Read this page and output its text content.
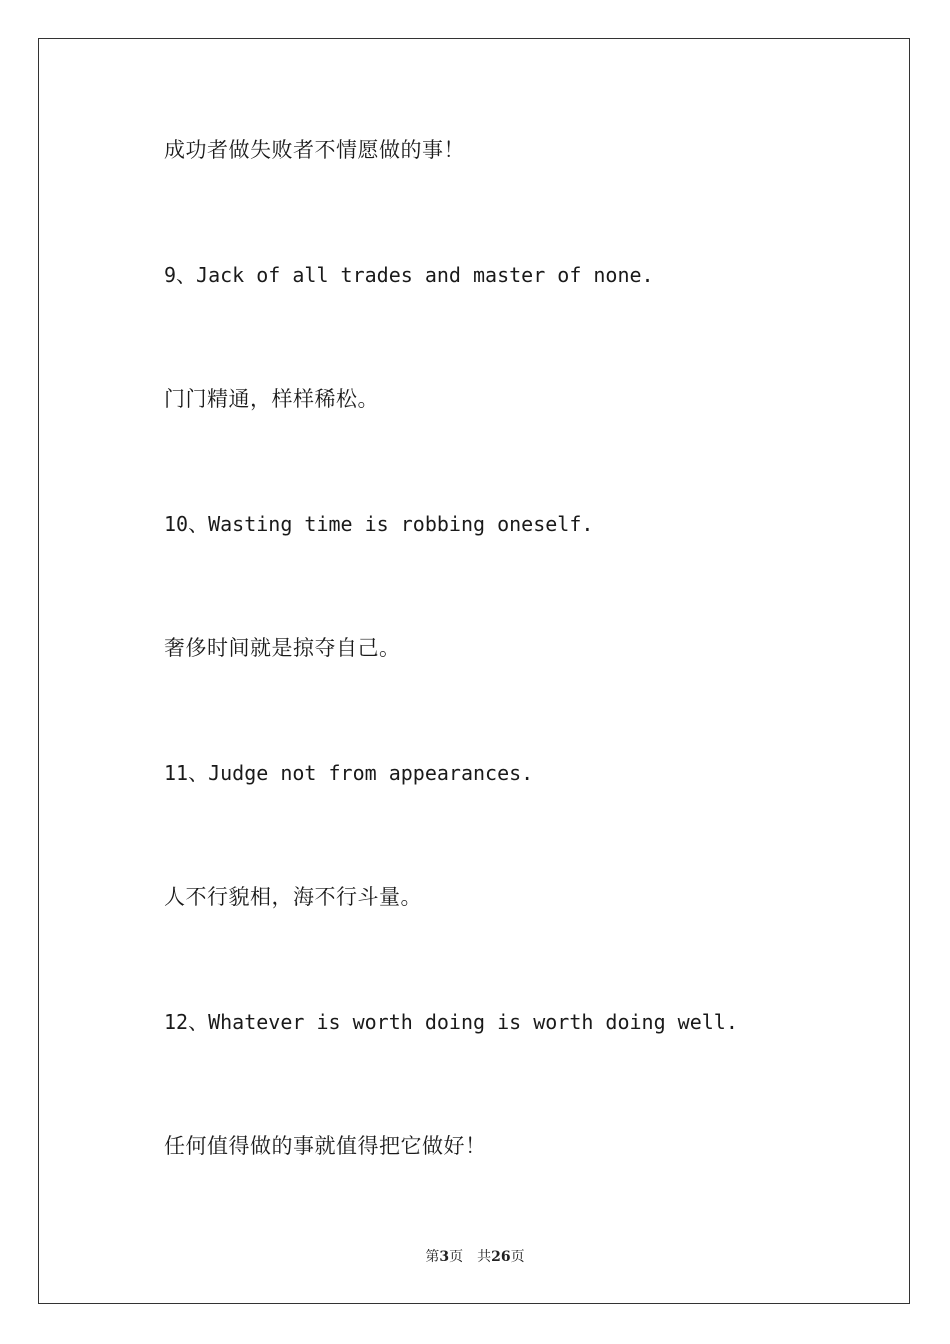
成功者做失败者不情愿做的事！
9、Jack of all trades and master of none.
门门精通，样样稀松。
10、Wasting time is robbing oneself.
奢侈时间就是掠夺自己。
11、Judge not from appearances.
人不行貌相，海不行斗量。
12、Whatever is worth doing is worth doing well.
任何值得做的事就值得把它做好！
第3页 共26页
